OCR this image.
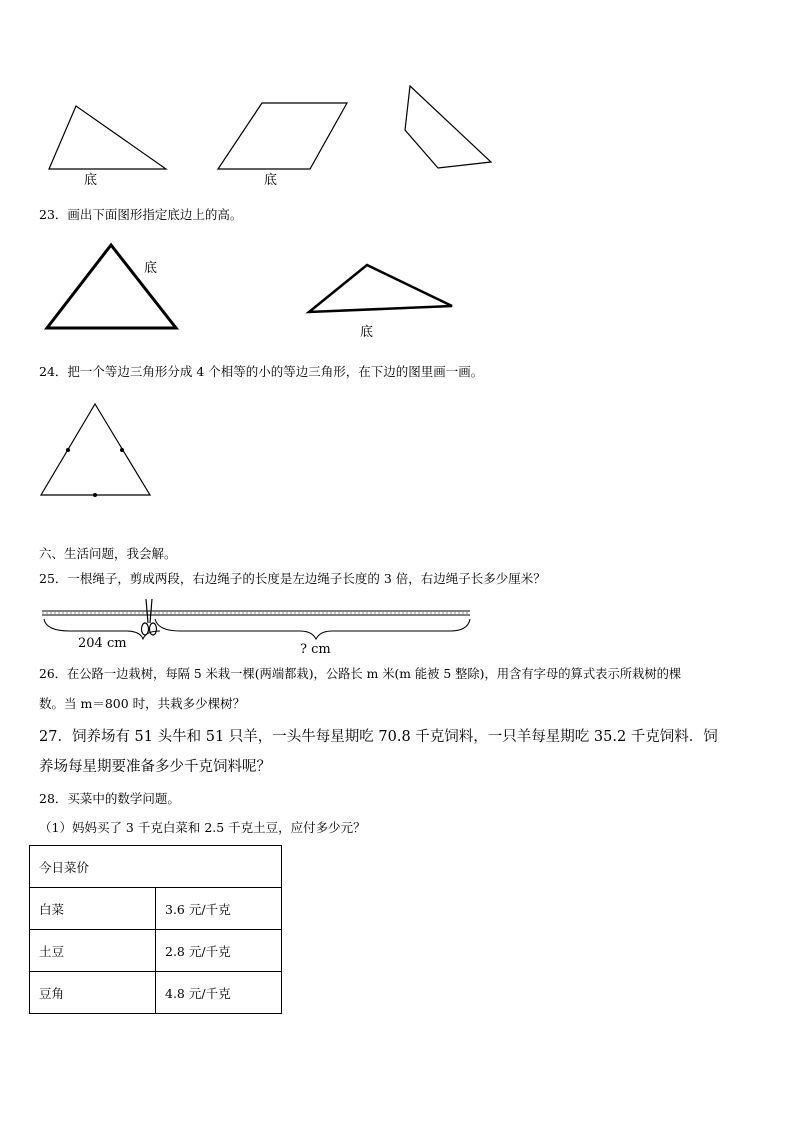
底	底
23．画出下面图形指定底边上的高。
底
底
24．把一个等边三角形分成 4 个相等的小的等边三角形，在下边的图里画一画。
六、生活问题，我会解。
25．一根绳子，剪成两段，右边绳子的长度是左边绳子长度的 3 倍，右边绳子长多少厘米？
204 cm	? cm
26．在公路一边栽树，每隔 5 米栽一棵(两端都栽)，公路长 m 米(m 能被 5 整除)，用含有字母的算式表示所栽树的棵
数。当 m＝800 时，共栽多少棵树？
27．饲养场有 51 头牛和 51 只羊，一头牛每星期吃 70.8 千克饲料，一只羊每星期吃 35.2 千克饲料．饲
养场每星期要准备多少千克饲料呢？
28．买菜中的数学问题。
（1）妈妈买了 3 千克白菜和 2.5 千克土豆，应付多少元？
今日菜价	
白菜	3.6 元/千克
土豆	2.8 元/千克
豆角	4.8 元/千克
